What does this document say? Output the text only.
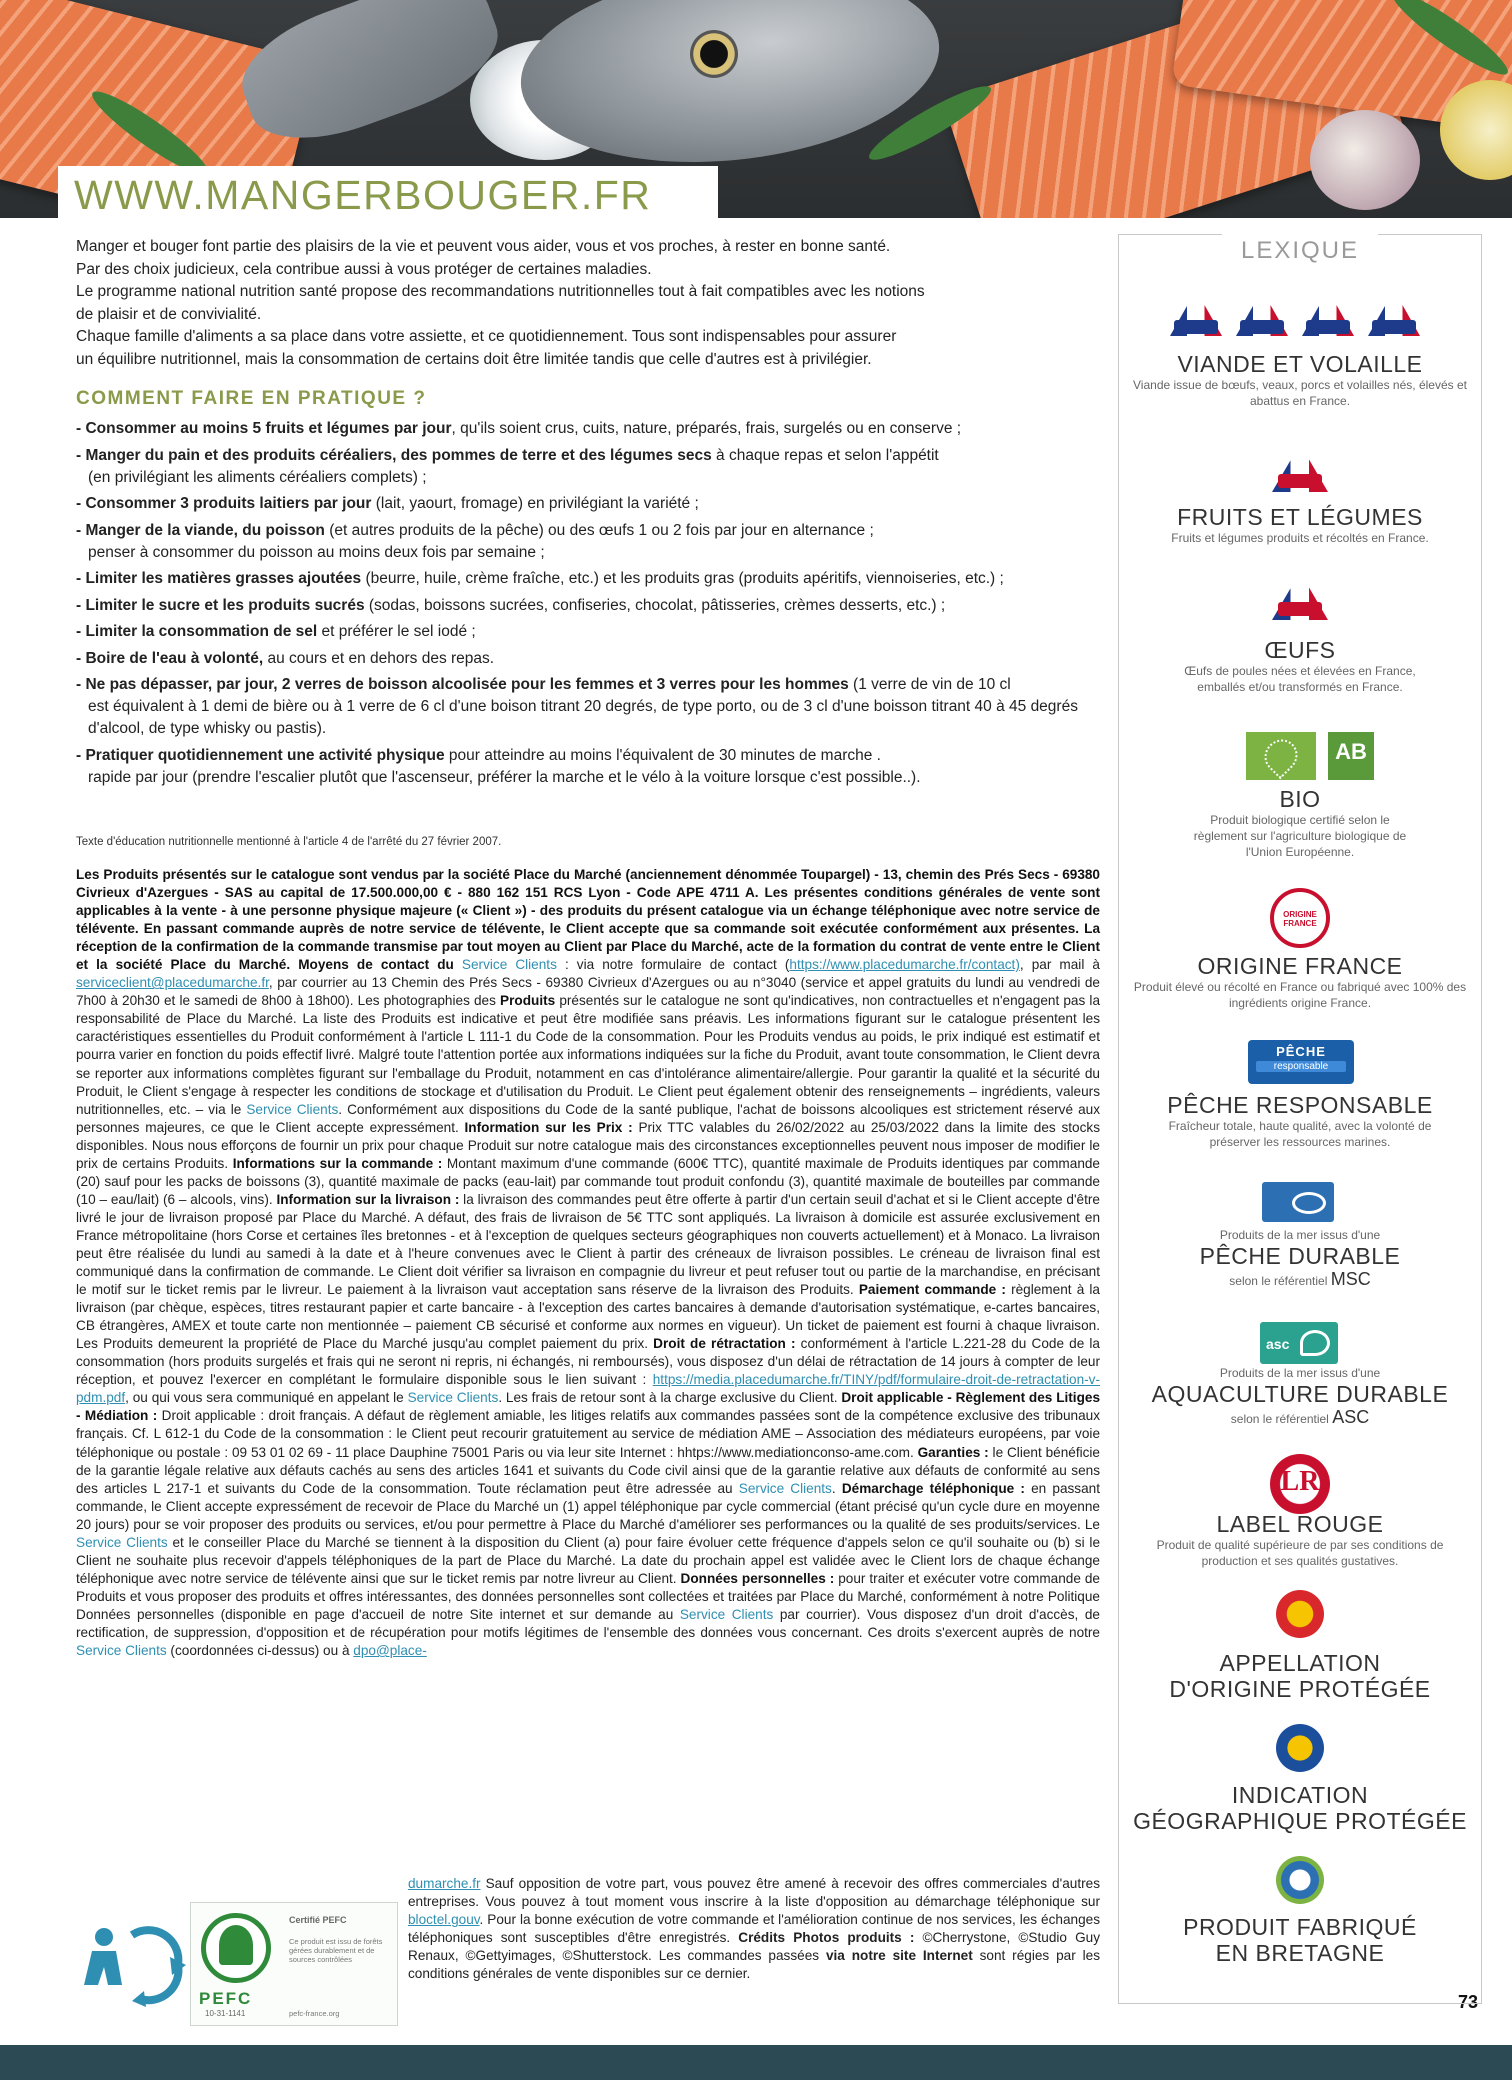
WWW.MANGERBOUGER.FR

Manger et bouger font partie des plaisirs de la vie et peuvent vous aider, vous et vos proches, à rester en bonne santé.

Par des choix judicieux, cela contribue aussi à vous protéger de certaines maladies.

Le programme national nutrition santé propose des recommandations nutritionnelles tout à fait compatibles avec les notions

de plaisir et de convivialité.

Chaque famille d'aliments a sa place dans votre assiette, et ce quotidiennement. Tous sont indispensables pour assurer

un équilibre nutritionnel, mais la consommation de certains doit être limitée tandis que celle d'autres est à privilégier.

COMMENT FAIRE EN PRATIQUE ?
- Consommer au moins 5 fruits et légumes par jour, qu'ils soient crus, cuits, nature, préparés, frais, surgelés ou en conserve ;
- Manger du pain et des produits céréaliers, des pommes de terre et des légumes secs à chaque repas et selon l'appétit
(en privilégiant les aliments céréaliers complets) ;
- Consommer 3 produits laitiers par jour (lait, yaourt, fromage) en privilégiant la variété ;
- Manger de la viande, du poisson (et autres produits de la pêche) ou des œufs 1 ou 2 fois par jour en alternance ;
penser à consommer du poisson au moins deux fois par semaine ;
- Limiter les matières grasses ajoutées (beurre, huile, crème fraîche, etc.) et les produits gras (produits apéritifs, viennoiseries, etc.) ;
- Limiter le sucre et les produits sucrés (sodas, boissons sucrées, confiseries, chocolat, pâtisseries, crèmes desserts, etc.) ;
- Limiter la consommation de sel et préférer le sel iodé ;
- Boire de l'eau à volonté, au cours et en dehors des repas.
- Ne pas dépasser, par jour, 2 verres de boisson alcoolisée pour les femmes et 3 verres pour les hommes (1 verre de vin de 10 cl
est équivalent à 1 demi de bière ou à 1 verre de 6 cl d'une boison titrant 20 degrés, de type porto, ou de 3 cl d'une boisson titrant 40 à 45 degrés d'alcool, de type whisky ou pastis).
- Pratiquer quotidiennement une activité physique pour atteindre au moins l'équivalent de 30 minutes de marche .
rapide par jour (prendre l'escalier plutôt que l'ascenseur, préférer la marche et le vélo à la voiture lorsque c'est possible..).
Texte d'éducation nutritionnelle mentionné à l'article 4 de l'arrêté du 27 février 2007.
Les Produits présentés sur le catalogue sont vendus par la société Place du Marché (anciennement dénommée Toupargel) - 13, chemin des Prés Secs - 69380 Civrieux d'Azergues - SAS au capital de 17.500.000,00 € - 880 162 151 RCS Lyon - Code APE 4711 A. Les présentes conditions générales de vente sont applicables à la vente - à une personne physique majeure (« Client ») - des produits du présent catalogue via un échange téléphonique avec notre service de télévente. En passant commande auprès de notre service de télévente, le Client accepte que sa commande soit exécutée conformément aux présentes. La réception de la confirmation de la commande transmise par tout moyen au Client par Place du Marché, acte de la formation du contrat de vente entre le Client et la société Place du Marché. Moyens de contact du Service Clients : via notre formulaire de contact (https://www.placedumarche.fr/contact), par mail à serviceclient@placedumarche.fr, par courrier au 13 Chemin des Prés Secs - 69380 Civrieux d'Azergues ou au n°3040 (service et appel gratuits du lundi au vendredi de 7h00 à 20h30 et le samedi de 8h00 à 18h00). Les photographies des Produits présentés sur le catalogue ne sont qu'indicatives, non contractuelles et n'engagent pas la responsabilité de Place du Marché. La liste des Produits est indicative et peut être modifiée sans préavis. Les informations figurant sur le catalogue présentent les caractéristiques essentielles du Produit conformément à l'article L 111-1 du Code de la consommation. Pour les Produits vendus au poids, le prix indiqué est estimatif et pourra varier en fonction du poids effectif livré. Malgré toute l'attention portée aux informations indiquées sur la fiche du Produit, avant toute consommation, le Client devra se reporter aux informations complètes figurant sur l'emballage du Produit, notamment en cas d'intolérance alimentaire/allergie. Pour garantir la qualité et la sécurité du Produit, le Client s'engage à respecter les conditions de stockage et d'utilisation du Produit. Le Client peut également obtenir des renseignements – ingrédients, valeurs nutritionnelles, etc. – via le Service Clients. Conformément aux dispositions du Code de la santé publique, l'achat de boissons alcooliques est strictement réservé aux personnes majeures, ce que le Client accepte expressément. Information sur les Prix : Prix TTC valables du 26/02/2022 au 25/03/2022 dans la limite des stocks disponibles. Nous nous efforçons de fournir un prix pour chaque Produit sur notre catalogue mais des circonstances exceptionnelles peuvent nous imposer de modifier le prix de certains Produits. Informations sur la commande : Montant maximum d'une commande (600€ TTC), quantité maximale de Produits identiques par commande (20) sauf pour les packs de boissons (3), quantité maximale de packs (eau-lait) par commande tout produit confondu (3), quantité maximale de bouteilles par commande (10 – eau/lait) (6 – alcools, vins). Information sur la livraison : la livraison des commandes peut être offerte à partir d'un certain seuil d'achat et si le Client accepte d'être livré le jour de livraison proposé par Place du Marché. A défaut, des frais de livraison de 5€ TTC sont appliqués. La livraison à domicile est assurée exclusivement en France métropolitaine (hors Corse et certaines îles bretonnes - et à l'exception de quelques secteurs géographiques non couverts actuellement) et à Monaco. La livraison peut être réalisée du lundi au samedi à la date et à l'heure convenues avec le Client à partir des créneaux de livraison possibles. Le créneau de livraison final est communiqué dans la confirmation de commande. Le Client doit vérifier sa livraison en compagnie du livreur et peut refuser tout ou partie de la marchandise, en précisant le motif sur le ticket remis par le livreur. Le paiement à la livraison vaut acceptation sans réserve de la livraison des Produits. Paiement commande : règlement à la livraison (par chèque, espèces, titres restaurant papier et carte bancaire - à l'exception des cartes bancaires à demande d'autorisation systématique, e-cartes bancaires, CB étrangères, AMEX et toute carte non mentionnée – paiement CB sécurisé et conforme aux normes en vigueur). Un ticket de paiement est fourni à chaque livraison. Les Produits demeurent la propriété de Place du Marché jusqu'au complet paiement du prix. Droit de rétractation : conformément à l'article L.221-28 du Code de la consommation (hors produits surgelés et frais qui ne seront ni repris, ni échangés, ni remboursés), vous disposez d'un délai de rétractation de 14 jours à compter de leur réception, et pouvez l'exercer en complétant le formulaire disponible sous le lien suivant : https://media.placedumarche.fr/TINY/pdf/formulaire-droit-de-retractation-v-pdm.pdf, ou qui vous sera communiqué en appelant le Service Clients. Les frais de retour sont à la charge exclusive du Client. Droit applicable - Règlement des Litiges - Médiation : Droit applicable : droit français. A défaut de règlement amiable, les litiges relatifs aux commandes passées sont de la compétence exclusive des tribunaux français. Cf. L 612-1 du Code de la consommation : le Client peut recourir gratuitement au service de médiation AME – Association des médiateurs européens, par voie téléphonique ou postale : 09 53 01 02 69 - 11 place Dauphine 75001 Paris ou via leur site Internet : hhtps://www.mediationconso-ame.com. Garanties : le Client bénéficie de la garantie légale relative aux défauts cachés au sens des articles 1641 et suivants du Code civil ainsi que de la garantie relative aux défauts de conformité au sens des articles L 217-1 et suivants du Code de la consommation. Toute réclamation peut être adressée au Service Clients. Démarchage téléphonique : en passant commande, le Client accepte expressément de recevoir de Place du Marché un (1) appel téléphonique par cycle commercial (étant précisé qu'un cycle dure en moyenne 20 jours) pour se voir proposer des produits ou services, et/ou pour permettre à Place du Marché d'améliorer ses performances ou la qualité de ses produits/services. Le Service Clients et le conseiller Place du Marché se tiennent à la disposition du Client (a) pour faire évoluer cette fréquence d'appels selon ce qu'il souhaite ou (b) si le Client ne souhaite plus recevoir d'appels téléphoniques de la part de Place du Marché. La date du prochain appel est validée avec le Client lors de chaque échange téléphonique avec notre service de télévente ainsi que sur le ticket remis par notre livreur au Client. Données personnelles : pour traiter et exécuter votre commande de Produits et vous proposer des produits et offres intéressantes, des données personnelles sont collectées et traitées par Place du Marché, conformément à notre Politique Données personnelles (disponible en page d'accueil de notre Site internet et sur demande au Service Clients par courrier). Vous disposez d'un droit d'accès, de rectification, de suppression, d'opposition et de récupération pour motifs légitimes de l'ensemble des données vous concernant. Ces droits s'exercent auprès de notre Service Clients (coordonnées ci-dessus) ou à dpo@place-
dumarche.fr Sauf opposition de votre part, vous pouvez être amené à recevoir des offres commerciales d'autres entreprises. Vous pouvez à tout moment vous inscrire à la liste d'opposition au démarchage téléphonique sur bloctel.gouv. Pour la bonne exécution de votre commande et l'amélioration continue de nos services, les échanges téléphoniques sont susceptibles d'être enregistrés. Crédits Photos produits : ©Cherrystone, ©Studio Guy Renaux, ©Gettyimages, ©Shutterstock. Les commandes passées via notre site Internet sont régies par les conditions générales de vente disponibles sur ce dernier.
PEFC
10-31-1141
Certifié PEFC
Ce produit est issu de forêts gérées durablement et de sources contrôlées
pefc-france.org
73
LEXIQUE
VIANDE ET VOLAILLE
Viande issue de bœufs, veaux, porcs et volailles nés, élevés et abattus en France.
FRUITS ET LÉGUMES
Fruits et légumes produits et récoltés en France.
ŒUFS
Œufs de poules nées et élevées en France, emballés et/ou transformés en France.
AB
BIO
Produit biologique certifié selon le règlement sur l'agriculture biologique de l'Union Européenne.
ORIGINE FRANCE
ORIGINE FRANCE
Produit élevé ou récolté en France ou fabriqué avec 100% des ingrédients origine France.
PÊCHE
responsable
PÊCHE RESPONSABLE
Fraîcheur totale, haute qualité, avec la volonté de préserver les ressources marines.
Produits de la mer issus d'une
PÊCHE DURABLE
selon le référentiel MSC
asc
Produits de la mer issus d'une
AQUACULTURE DURABLE
selon le référentiel ASC
LR
LABEL ROUGE
Produit de qualité supérieure de par ses conditions de production et ses qualités gustatives.
APPELLATION
D'ORIGINE PROTÉGÉE
INDICATION
GÉOGRAPHIQUE PROTÉGÉE
PRODUIT FABRIQUÉ
EN BRETAGNE
